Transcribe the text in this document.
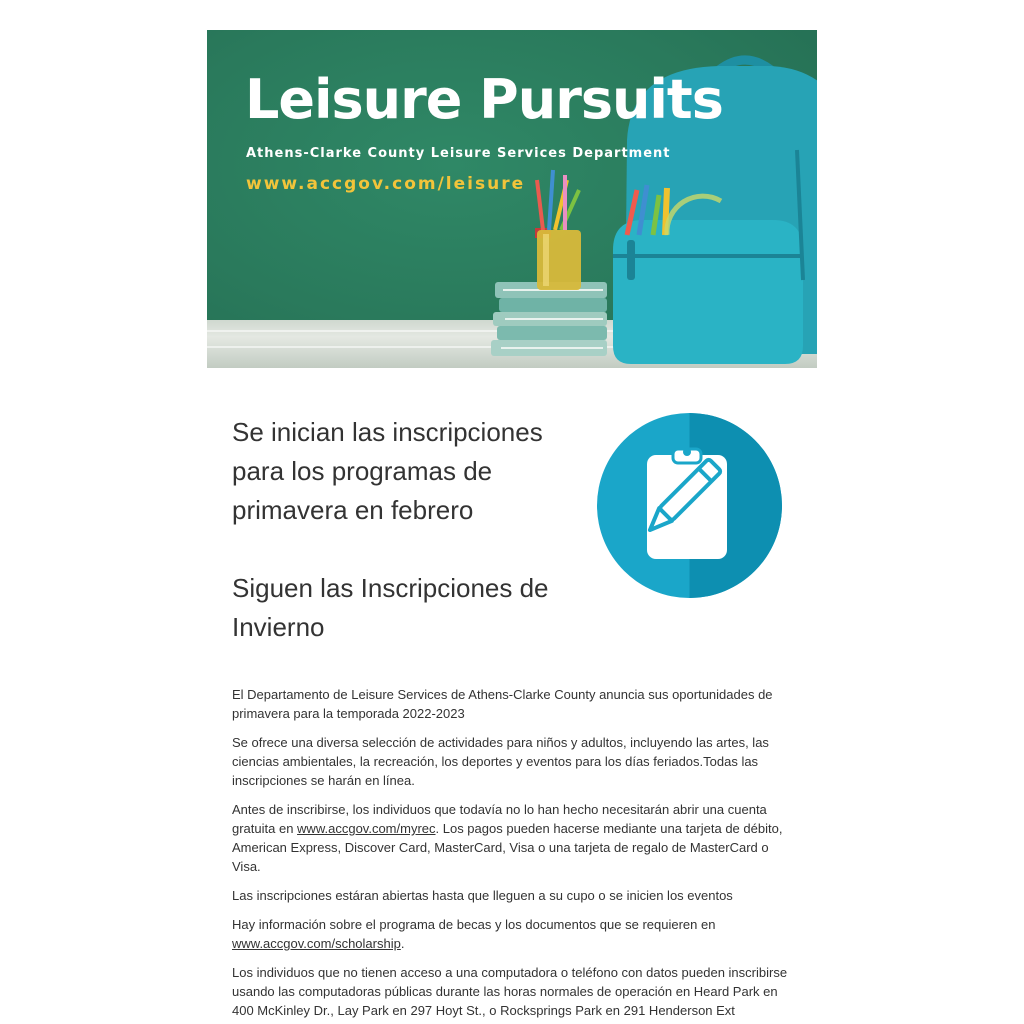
Leisure Pursuits
Athens-Clarke County Leisure Services Department
www.accgov.com/leisure
Se inician las inscripciones para los programas de primavera en febrero
Siguen las Inscripciones de Invierno

El Departamento de Leisure Services de Athens-Clarke County anuncia sus oportunidades de primavera para la temporada 2022-2023

Se ofrece una diversa selección de actividades para niños y adultos, incluyendo las artes, las ciencias ambientales, la recreación, los deportes y eventos para los días feriados.Todas las inscripciones se harán en línea.

Antes de inscribirse, los individuos que todavía no lo han hecho necesitarán abrir una cuenta gratuita en www.accgov.com/myrec. Los pagos pueden hacerse mediante una tarjeta de débito, American Express, Discover Card, MasterCard, Visa o una tarjeta de regalo de MasterCard o Visa.

Las inscripciones estáran abiertas hasta que lleguen a su cupo o se inicien los eventos

Hay información sobre el programa de becas y los documentos que se requieren en www.accgov.com/scholarship.

Los individuos que no tienen acceso a una computadora o teléfono con datos pueden inscribirse usando las computadoras públicas durante las horas normales de operación en Heard Park en 400 McKinley Dr., Lay Park en 297 Hoyt St., o Rocksprings Park en 291 Henderson Ext
